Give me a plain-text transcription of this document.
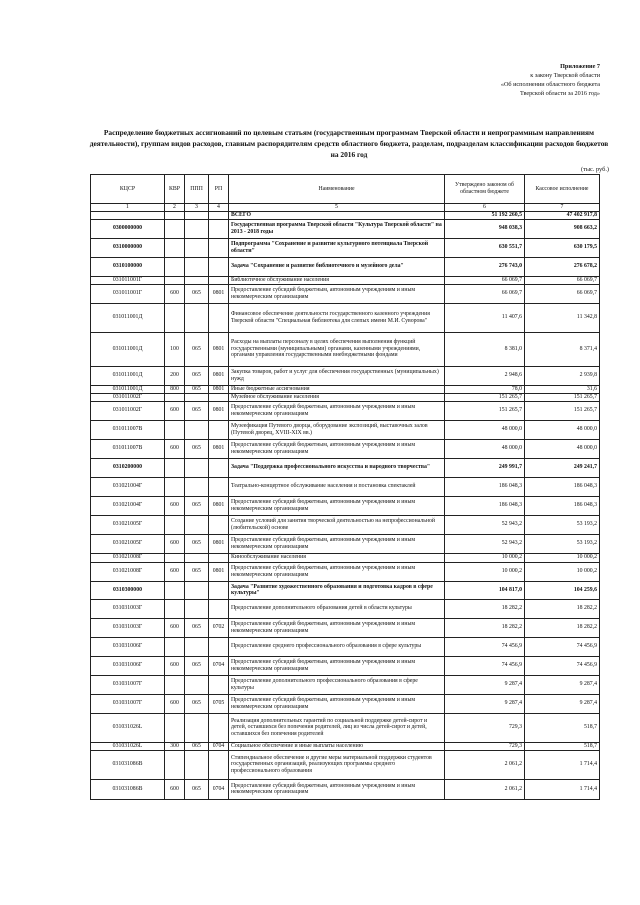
Приложение 7
к закону Тверской области
«Об исполнении областного бюджета
Тверской области за 2016 год»
Распределение бюджетных ассигнований по целевым статьям (государственным программам Тверской области и непрограммным направлениям деятельности), группам видов расходов, главным распорядителям средств областного бюджета, разделам, подразделам классификации расходов бюджетов на 2016 год
(тыс. руб.)
КЦСР	КВР	ППП	РП	Наименование	Утверждено законом об областном бюджете	Кассовое исполнение
1	2	3	4	5	6	7
				ВСЕГО	51 192 260,5	47 402 917,8
0300000000				Государственная программа Тверской области "Культура Тверской области" на 2013 - 2018 годы	948 038,3	908 663,2
0310000000				Подпрограмма "Сохранение и развитие культурного потенциала Тверской области"	630 551,7	630 179,5
0310100000				Задача "Сохранение и развитие библиотечного и музейного дела"	276 743,0	276 678,2
031011001Г				Библиотечное обслуживание населения	66 069,7	66 069,7
031011001Г	600	065	0801	Предоставление субсидий бюджетным, автономным учреждениям и иным некоммерческим организациям	66 069,7	66 069,7
031011001Д				Финансовое обеспечение деятельности государственного казенного учреждения Тверской области "Специальная библиотека для слепых имени М.И. Суворова"	11 407,6	11 342,8
031011001Д	100	065	0801	Расходы на выплаты персоналу в целях обеспечения выполнения функций государственными (муниципальными) органами, казенными учреждениями, органами управления государственными внебюджетными фондами	8 381,0	8 371,4
031011001Д	200	065	0801	Закупка товаров, работ и услуг для обеспечения государственных (муниципальных) нужд	2 948,6	2 939,8
031011001Д	800	065	0801	Иные бюджетные ассигнования	78,0	31,6
031011002Г				Музейное обслуживание населения	151 265,7	151 265,7
031011002Г	600	065	0801	Предоставление субсидий бюджетным, автономным учреждениям и иным некоммерческим организациям	151 265,7	151 265,7
031011007В				Музеефикация Путевого дворца, оборудование экспозиций, выставочных залов (Путевой дворец, XVIII-XIX вв.)	48 000,0	48 000,0
031011007В	600	065	0801	Предоставление субсидий бюджетным, автономным учреждениям и иным некоммерческим организациям	48 000,0	48 000,0
0310200000				Задача "Поддержка профессионального искусства и народного творчества"	249 991,7	249 241,7
031021004Г				Театрально-концертное обслуживание населения и постановка спектаклей	186 048,3	186 048,3
031021004Г	600	065	0801	Предоставление субсидий бюджетным, автономным учреждениям и иным некоммерческим организациям	186 048,3	186 048,3
031021005Г				Создание условий для занятия творческой деятельностью на непрофессиональной (любительской) основе	52 943,2	53 193,2
031021005Г	600	065	0801	Предоставление субсидий бюджетным, автономным учреждениям и иным некоммерческим организациям	52 943,2	53 193,2
031021008Г				Кинообслуживание населения	10 000,2	10 000,2
031021008Г	600	065	0801	Предоставление субсидий бюджетным, автономным учреждениям и иным некоммерческим организациям	10 000,2	10 000,2
0310300000				Задача "Развитие художественного образования и подготовка кадров в сфере культуры"	104 817,0	104 259,6
031031003Г				Предоставление дополнительного образования детей в области культуры	18 282,2	18 282,2
031031003Г	600	065	0702	Предоставление субсидий бюджетным, автономным учреждениям и иным некоммерческим организациям	18 282,2	18 282,2
031031006Г				Предоставление среднего профессионального образования в сфере культуры	74 456,9	74 456,9
031031006Г	600	065	0704	Предоставление субсидий бюджетным, автономным учреждениям и иным некоммерческим организациям	74 456,9	74 456,9
031031007Г				Предоставление дополнительного профессионального образования в сфере культуры	9 287,4	9 287,4
031031007Г	600	065	0705	Предоставление субсидий бюджетным, автономным учреждениям и иным некоммерческим организациям	9 287,4	9 287,4
031031026L				Реализация дополнительных гарантий по социальной поддержке детей-сирот и детей, оставшихся без попечения родителей, лиц из числа детей-сирот и детей, оставшихся без попечения родителей	729,3	518,7
031031026L	300	065	0704	Социальное обеспечение и иные выплаты населению	729,3	518,7
031031086В				Стипендиальное обеспечение и другие меры материальной поддержки студентов государственных организаций, реализующих программы среднего профессионального образования	2 061,2	1 714,4
031031086В	600	065	0704	Предоставление субсидий бюджетным, автономным учреждениям и иным некоммерческим организациям	2 061,2	1 714,4
